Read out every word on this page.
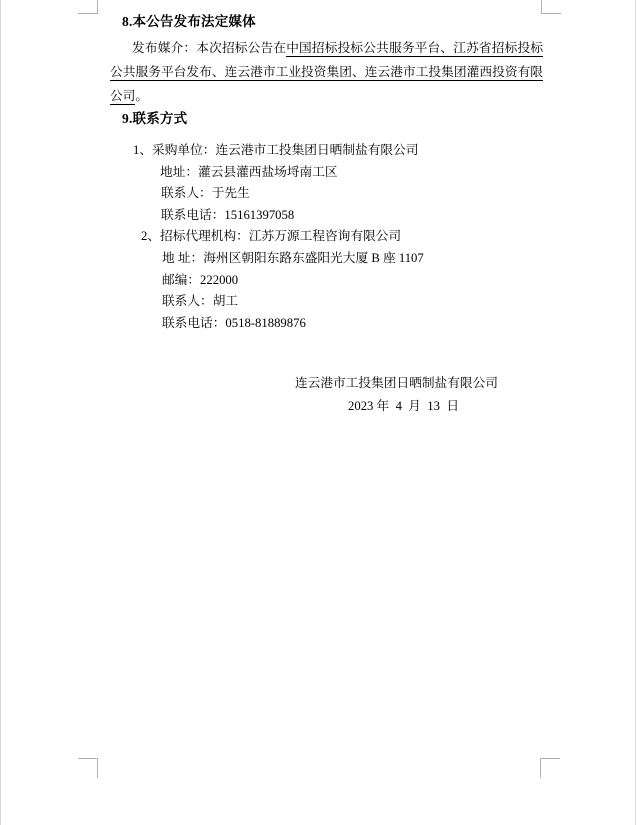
8.本公告发布法定媒体

发布媒介：本次招标公告在中国招标投标公共服务平台、江苏省招标投标公共服务平台发布、连云港市工业投资集团、连云港市工投集团灌西投资有限公司。

9.联系方式
1、采购单位：连云港市工投集团日晒制盐有限公司
地址：灌云县灌西盐场埒南工区
联系人：于先生
联系电话：15161397058
2、招标代理机构：江苏万源工程咨询有限公司
地 址：海州区朝阳东路东盛阳光大厦 B 座 1107
邮编：222000
联系人：胡工
联系电话：0518-81889876
连云港市工投集团日晒制盐有限公司
2023 年  4  月  13  日
